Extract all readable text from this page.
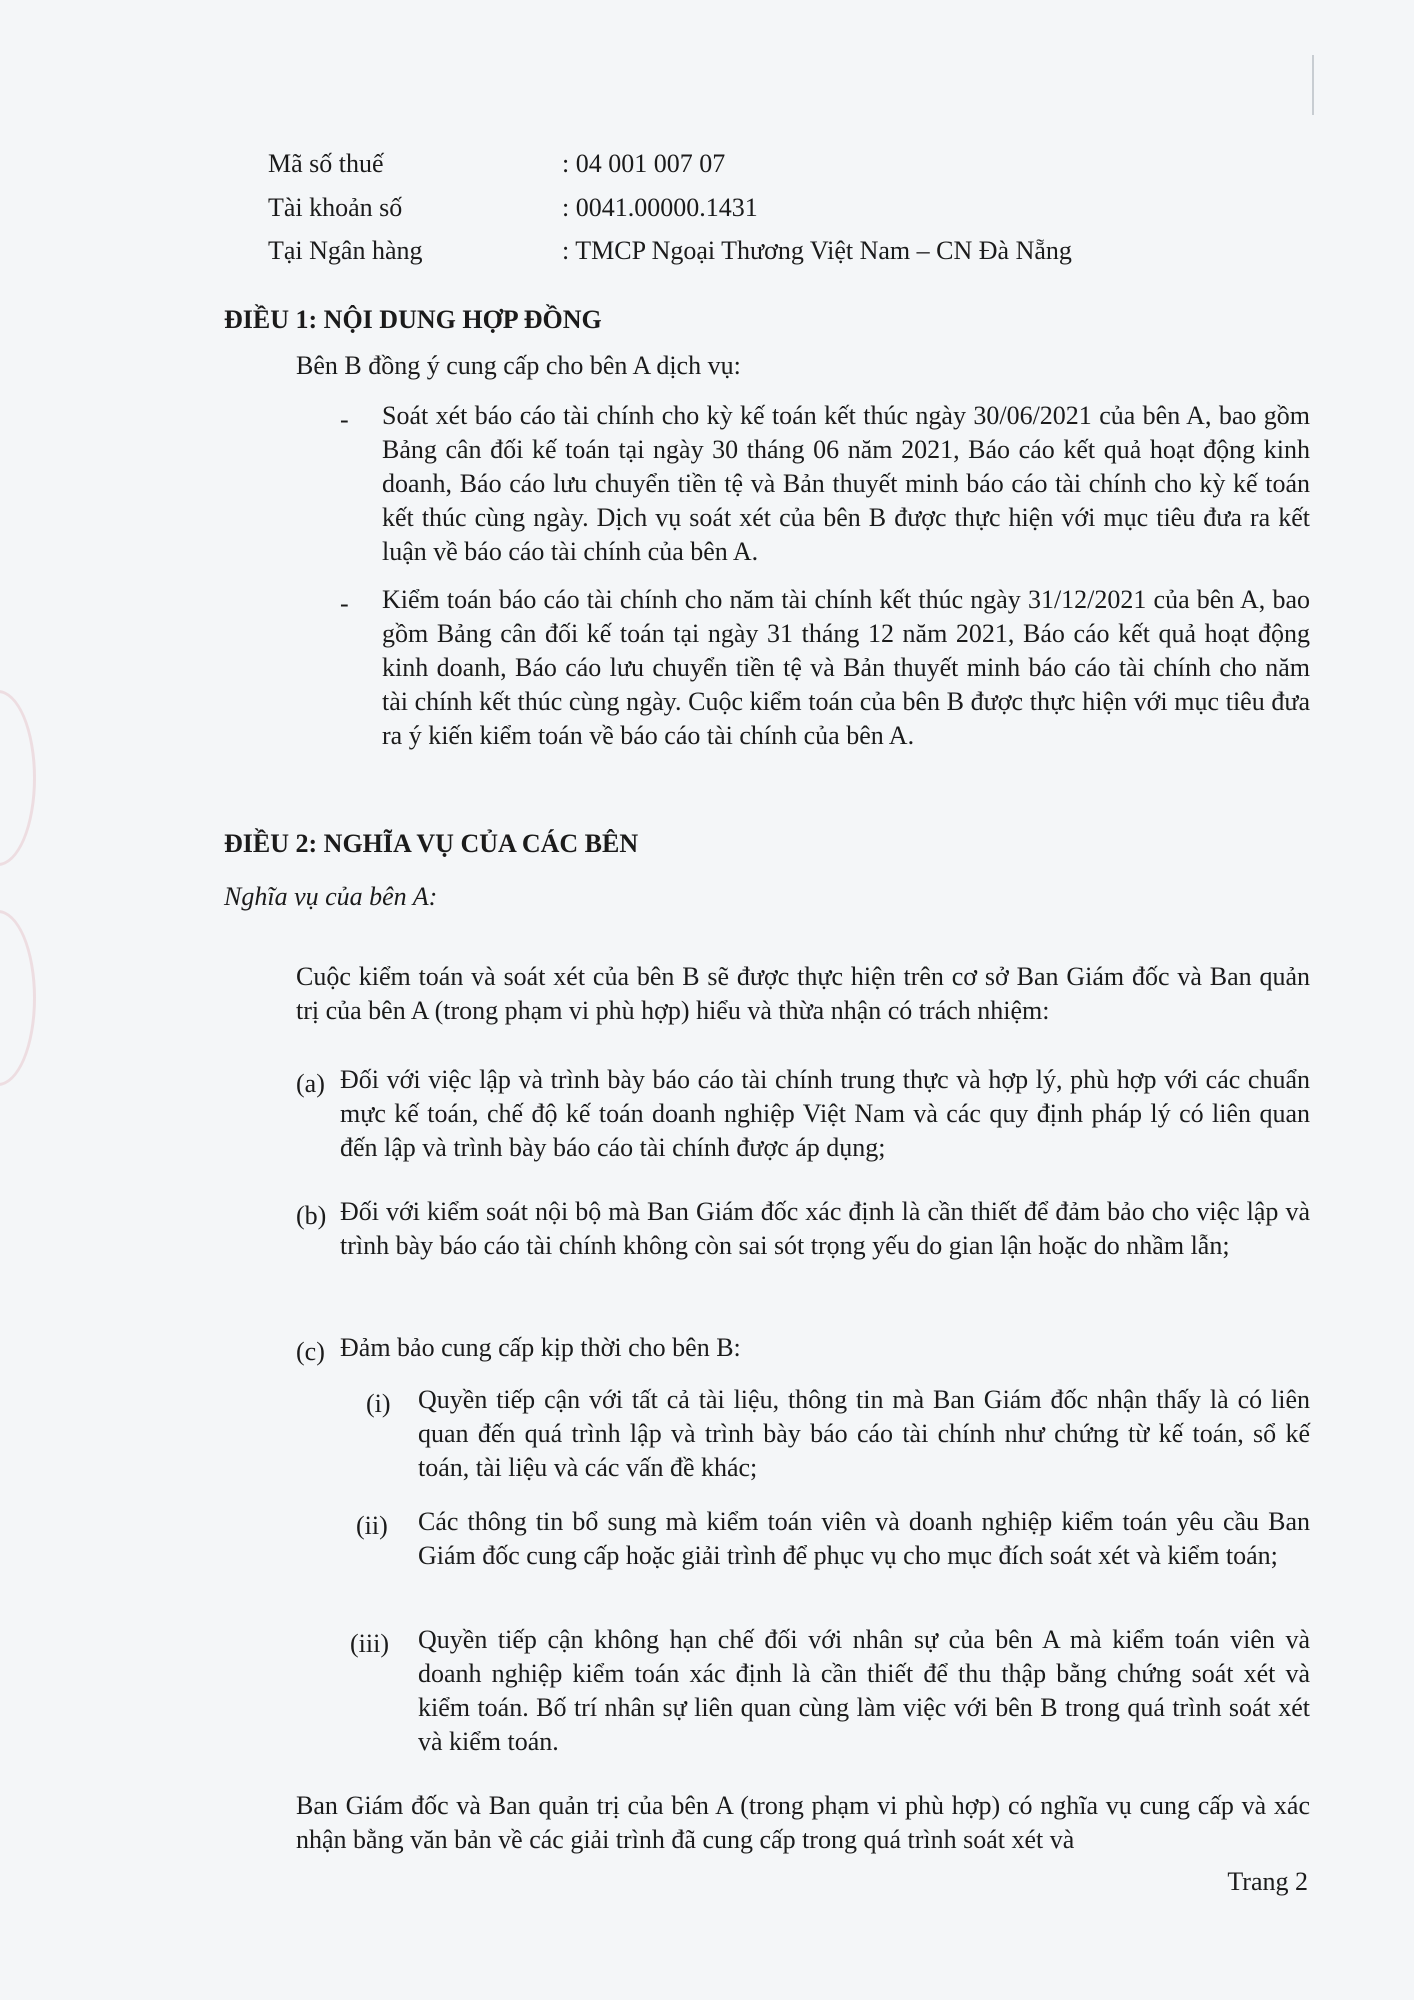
Mã số thuế	: 04 001 007 07
Tài khoản số	: 0041.00000.1431
Tại Ngân hàng	: TMCP Ngoại Thương Việt Nam – CN Đà Nẵng
ĐIỀU 1: NỘI DUNG HỢP ĐỒNG
Bên B đồng ý cung cấp cho bên A dịch vụ:
- Soát xét báo cáo tài chính cho kỳ kế toán kết thúc ngày 30/06/2021 của bên A, bao gồm Bảng cân đối kế toán tại ngày 30 tháng 06 năm 2021, Báo cáo kết quả hoạt động kinh doanh, Báo cáo lưu chuyển tiền tệ và Bản thuyết minh báo cáo tài chính cho kỳ kế toán kết thúc cùng ngày. Dịch vụ soát xét của bên B được thực hiện với mục tiêu đưa ra kết luận về báo cáo tài chính của bên A.
- Kiểm toán báo cáo tài chính cho năm tài chính kết thúc ngày 31/12/2021 của bên A, bao gồm Bảng cân đối kế toán tại ngày 31 tháng 12 năm 2021, Báo cáo kết quả hoạt động kinh doanh, Báo cáo lưu chuyển tiền tệ và Bản thuyết minh báo cáo tài chính cho năm tài chính kết thúc cùng ngày. Cuộc kiểm toán của bên B được thực hiện với mục tiêu đưa ra ý kiến kiểm toán về báo cáo tài chính của bên A.
ĐIỀU 2: NGHĨA VỤ CỦA CÁC BÊN
Nghĩa vụ của bên A:
Cuộc kiểm toán và soát xét của bên B sẽ được thực hiện trên cơ sở Ban Giám đốc và Ban quản trị của bên A (trong phạm vi phù hợp) hiểu và thừa nhận có trách nhiệm:
(a) Đối với việc lập và trình bày báo cáo tài chính trung thực và hợp lý, phù hợp với các chuẩn mực kế toán, chế độ kế toán doanh nghiệp Việt Nam và các quy định pháp lý có liên quan đến lập và trình bày báo cáo tài chính được áp dụng;
(b) Đối với kiểm soát nội bộ mà Ban Giám đốc xác định là cần thiết để đảm bảo cho việc lập và trình bày báo cáo tài chính không còn sai sót trọng yếu do gian lận hoặc do nhầm lẫn;
(c) Đảm bảo cung cấp kịp thời cho bên B:
(i) Quyền tiếp cận với tất cả tài liệu, thông tin mà Ban Giám đốc nhận thấy là có liên quan đến quá trình lập và trình bày báo cáo tài chính như chứng từ kế toán, sổ kế toán, tài liệu và các vấn đề khác;
(ii) Các thông tin bổ sung mà kiểm toán viên và doanh nghiệp kiểm toán yêu cầu Ban Giám đốc cung cấp hoặc giải trình để phục vụ cho mục đích soát xét và kiểm toán;
(iii) Quyền tiếp cận không hạn chế đối với nhân sự của bên A mà kiểm toán viên và doanh nghiệp kiểm toán xác định là cần thiết để thu thập bằng chứng soát xét và kiểm toán. Bố trí nhân sự liên quan cùng làm việc với bên B trong quá trình soát xét và kiểm toán.
Ban Giám đốc và Ban quản trị của bên A (trong phạm vi phù hợp) có nghĩa vụ cung cấp và xác nhận bằng văn bản về các giải trình đã cung cấp trong quá trình soát xét và
Trang 2
